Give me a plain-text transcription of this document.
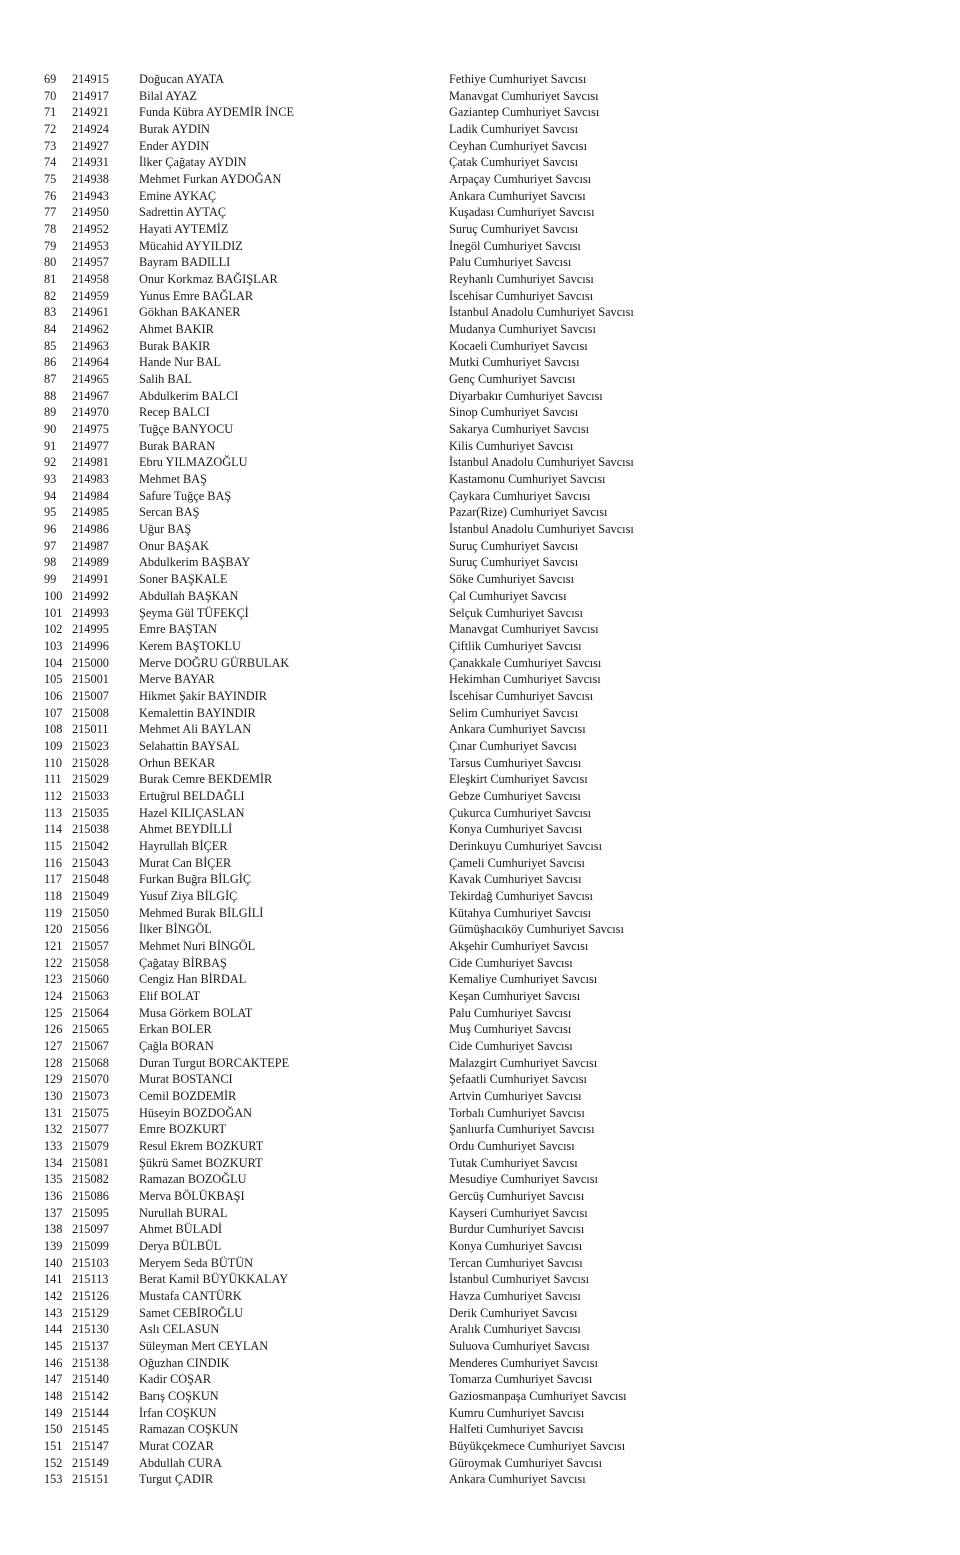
69	214915 Doğucan AYATA	Fethiye Cumhuriyet Savcısı
70	214917 Bilal AYAZ	Manavgat Cumhuriyet Savcısı
71	214921 Funda Kübra AYDEMİR İNCE	Gaziantep Cumhuriyet Savcısı
72	214924 Burak AYDIN	Ladik Cumhuriyet Savcısı
73	214927 Ender AYDIN	Ceyhan Cumhuriyet Savcısı
74	214931 İlker Çağatay AYDIN	Çatak Cumhuriyet Savcısı
75	214938 Mehmet Furkan AYDOĞAN	Arpaçay Cumhuriyet Savcısı
76	214943 Emine AYKAÇ	Ankara Cumhuriyet Savcısı
77	214950 Sadrettin AYTAÇ	Kuşadası Cumhuriyet Savcısı
78	214952 Hayati AYTEMİZ	Suruç Cumhuriyet Savcısı
79	214953 Mücahid AYYILDIZ	İnegöl Cumhuriyet Savcısı
80	214957 Bayram BADILLI	Palu Cumhuriyet Savcısı
81	214958 Onur Korkmaz BAĞIŞLAR	Reyhanlı Cumhuriyet Savcısı
82	214959 Yunus Emre BAĞLAR	İscehisar Cumhuriyet Savcısı
83	214961 Gökhan BAKANER	İstanbul Anadolu Cumhuriyet Savcısı
84	214962 Ahmet BAKIR	Mudanya Cumhuriyet Savcısı
85	214963 Burak BAKIR	Kocaeli Cumhuriyet Savcısı
86	214964 Hande Nur BAL	Mutki Cumhuriyet Savcısı
87	214965 Salih BAL	Genç Cumhuriyet Savcısı
88	214967 Abdulkerim BALCI	Diyarbakır Cumhuriyet Savcısı
89	214970 Recep BALCI	Sinop Cumhuriyet Savcısı
90	214975 Tuğçe BANYOCU	Sakarya Cumhuriyet Savcısı
91	214977 Burak BARAN	Kilis Cumhuriyet Savcısı
92	214981 Ebru YILMAZOĞLU	İstanbul Anadolu Cumhuriyet Savcısı
93	214983 Mehmet BAŞ	Kastamonu Cumhuriyet Savcısı
94	214984 Safure Tuğçe BAŞ	Çaykara Cumhuriyet Savcısı
95	214985 Sercan BAŞ	Pazar(Rize) Cumhuriyet Savcısı
96	214986 Uğur BAŞ	İstanbul Anadolu Cumhuriyet Savcısı
97	214987 Onur BAŞAK	Suruç Cumhuriyet Savcısı
98	214989 Abdulkerim BAŞBAY	Suruç Cumhuriyet Savcısı
99	214991 Soner BAŞKALE	Söke Cumhuriyet Savcısı
100 214992 Abdullah BAŞKAN	Çal Cumhuriyet Savcısı
101 214993 Şeyma Gül TÜFEKÇİ	Selçuk Cumhuriyet Savcısı
102 214995 Emre BAŞTAN	Manavgat Cumhuriyet Savcısı
103 214996 Kerem BAŞTOKLU	Çiftlik Cumhuriyet Savcısı
104 215000 Merve DOĞRU GÜRBULAK	Çanakkale Cumhuriyet Savcısı
105 215001 Merve BAYAR	Hekimhan Cumhuriyet Savcısı
106 215007 Hikmet Şakir BAYINDIR	İscehisar Cumhuriyet Savcısı
107 215008 Kemalettin BAYINDIR	Selim Cumhuriyet Savcısı
108 215011 Mehmet Ali BAYLAN	Ankara Cumhuriyet Savcısı
109 215023 Selahattin BAYSAL	Çınar Cumhuriyet Savcısı
110 215028 Orhun BEKAR	Tarsus Cumhuriyet Savcısı
111 215029 Burak Cemre BEKDEMİR	Eleşkirt Cumhuriyet Savcısı
112 215033 Ertuğrul BELDAĞLI	Gebze Cumhuriyet Savcısı
113 215035 Hazel KILIÇASLAN	Çukurca Cumhuriyet Savcısı
114 215038 Ahmet BEYDİLLİ	Konya Cumhuriyet Savcısı
115 215042 Hayrullah BİÇER	Derinkuyu Cumhuriyet Savcısı
116 215043 Murat Can BİÇER	Çameli Cumhuriyet Savcısı
117 215048 Furkan Buğra BİLGİÇ	Kavak Cumhuriyet Savcısı
118 215049 Yusuf Ziya BİLGİÇ	Tekirdağ Cumhuriyet Savcısı
119 215050 Mehmed Burak BİLGİLİ	Kütahya Cumhuriyet Savcısı
120 215056 İlker BİNGÖL	Gümüşhacıköy Cumhuriyet Savcısı
121 215057 Mehmet Nuri BİNGÖL	Akşehir Cumhuriyet Savcısı
122 215058 Çağatay BİRBAŞ	Cide Cumhuriyet Savcısı
123 215060 Cengiz Han BİRDAL	Kemaliye Cumhuriyet Savcısı
124 215063 Elif BOLAT	Keşan Cumhuriyet Savcısı
125 215064 Musa Görkem BOLAT	Palu Cumhuriyet Savcısı
126 215065 Erkan BOLER	Muş Cumhuriyet Savcısı
127 215067 Çağla BORAN	Cide Cumhuriyet Savcısı
128 215068 Duran Turgut BORCAKTEPE	Malazgirt Cumhuriyet Savcısı
129 215070 Murat BOSTANCI	Şefaatli Cumhuriyet Savcısı
130 215073 Cemil BOZDEMİR	Artvin Cumhuriyet Savcısı
131 215075 Hüseyin BOZDOĞAN	Torbalı Cumhuriyet Savcısı
132 215077 Emre BOZKURT	Şanlıurfa Cumhuriyet Savcısı
133 215079 Resul Ekrem BOZKURT	Ordu Cumhuriyet Savcısı
134 215081 Şükrü Samet BOZKURT	Tutak Cumhuriyet Savcısı
135 215082 Ramazan BOZOĞLU	Mesudiye Cumhuriyet Savcısı
136 215086 Merva BÖLÜKBAŞI	Gercüş Cumhuriyet Savcısı
137 215095 Nurullah BURAL	Kayseri Cumhuriyet Savcısı
138 215097 Ahmet BÜLADİ	Burdur Cumhuriyet Savcısı
139 215099 Derya BÜLBÜL	Konya Cumhuriyet Savcısı
140 215103 Meryem Seda BÜTÜN	Tercan Cumhuriyet Savcısı
141 215113 Berat Kamil BÜYÜKKALAY	İstanbul Cumhuriyet Savcısı
142 215126 Mustafa CANTÜRK	Havza Cumhuriyet Savcısı
143 215129 Samet CEBİROĞLU	Derik Cumhuriyet Savcısı
144 215130 Aslı CELASUN	Aralık Cumhuriyet Savcısı
145 215137 Süleyman Mert CEYLAN	Suluova Cumhuriyet Savcısı
146 215138 Oğuzhan CINDIK	Menderes Cumhuriyet Savcısı
147 215140 Kadir COŞAR	Tomarza Cumhuriyet Savcısı
148 215142 Barış COŞKUN	Gaziosmanpaşa Cumhuriyet Savcısı
149 215144 İrfan COŞKUN	Kumru Cumhuriyet Savcısı
150 215145 Ramazan COŞKUN	Halfeti Cumhuriyet Savcısı
151 215147 Murat COZAR	Büyükçekmece Cumhuriyet Savcısı
152 215149 Abdullah CURA	Güroymak Cumhuriyet Savcısı
153 215151 Turgut ÇADIR	Ankara Cumhuriyet Savcısı
